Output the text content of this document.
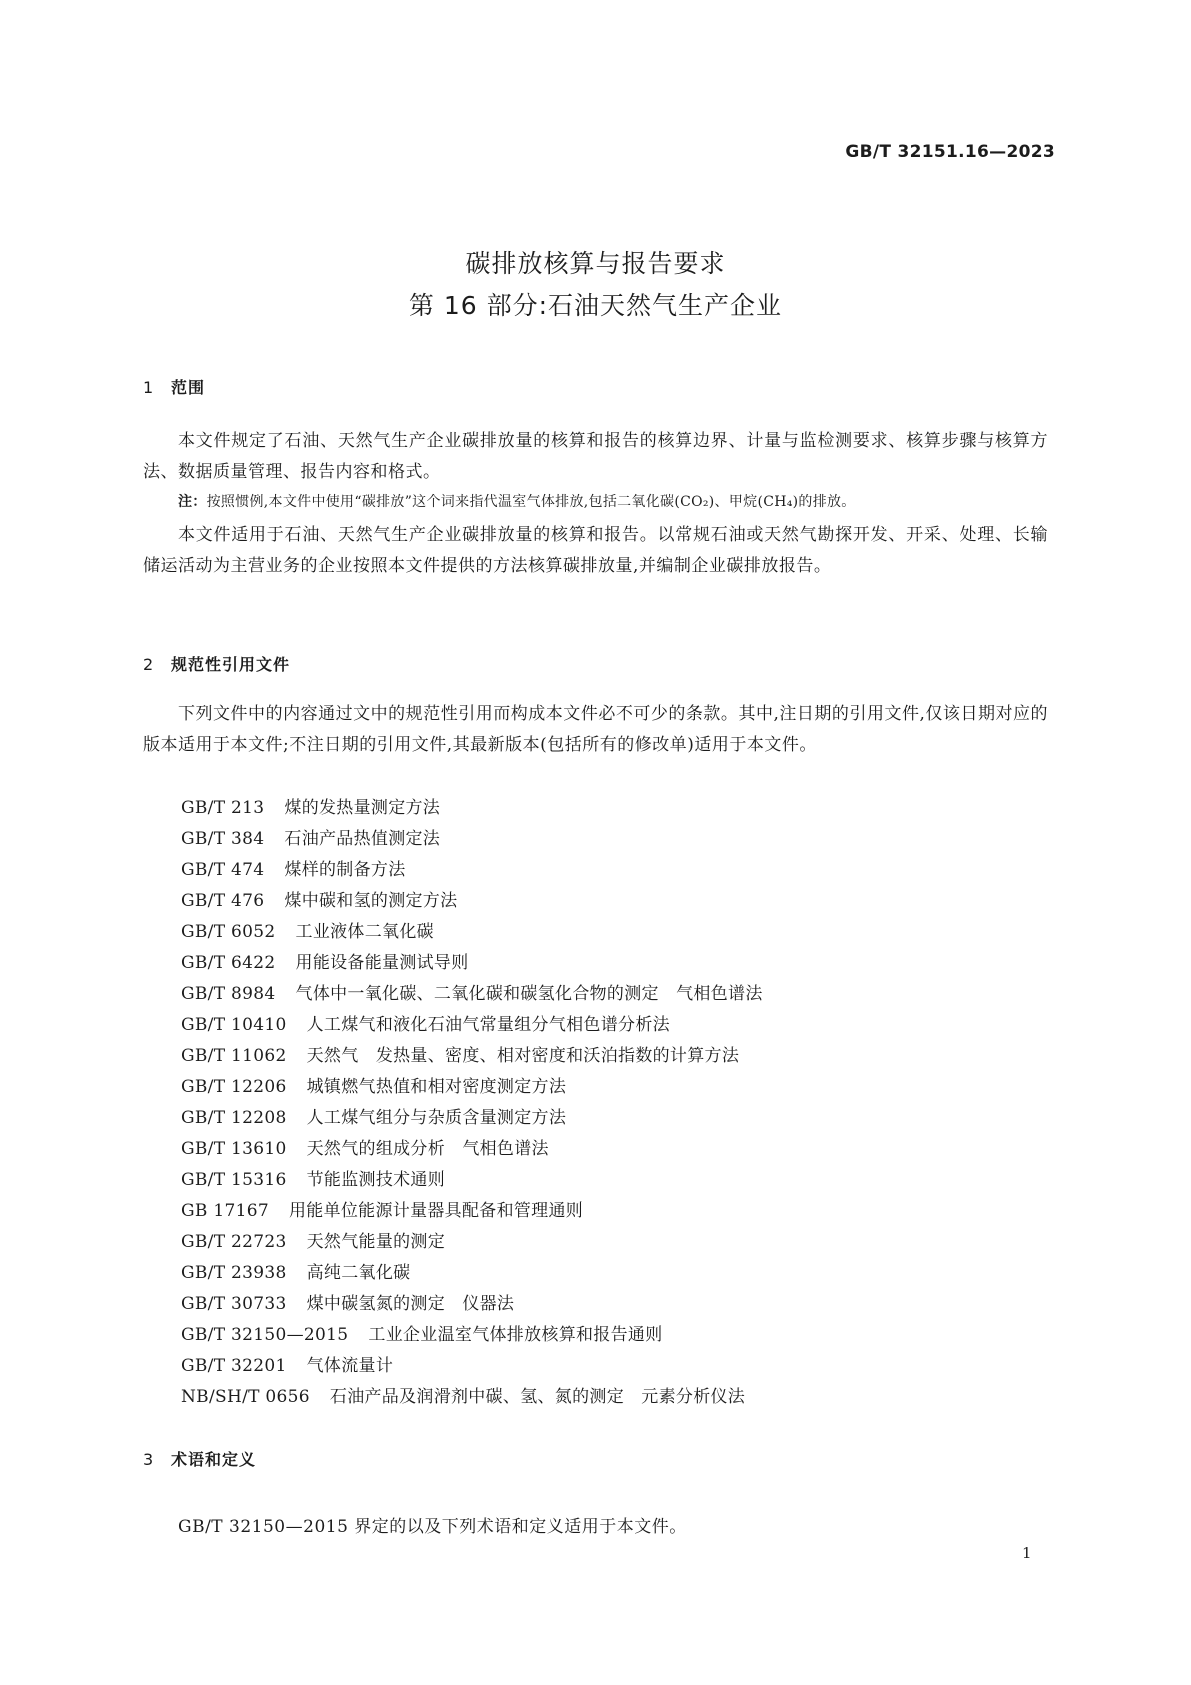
GB/T 32151.16—2023
碳排放核算与报告要求
第 16 部分:石油天然气生产企业
1 范围
本文件规定了石油、天然气生产企业碳排放量的核算和报告的核算边界、计量与监检测要求、核算步骤与核算方法、数据质量管理、报告内容和格式。
注：按照惯例,本文件中使用“碳排放”这个词来指代温室气体排放,包括二氧化碳(CO₂)、甲烷(CH₄)的排放。
本文件适用于石油、天然气生产企业碳排放量的核算和报告。以常规石油或天然气勘探开发、开采、处理、长输储运活动为主营业务的企业按照本文件提供的方法核算碳排放量,并编制企业碳排放报告。
2 规范性引用文件
下列文件中的内容通过文中的规范性引用而构成本文件必不可少的条款。其中,注日期的引用文件,仅该日期对应的版本适用于本文件;不注日期的引用文件,其最新版本(包括所有的修改单)适用于本文件。
GB/T 213 煤的发热量测定方法
GB/T 384 石油产品热值测定法
GB/T 474 煤样的制备方法
GB/T 476 煤中碳和氢的测定方法
GB/T 6052 工业液体二氧化碳
GB/T 6422 用能设备能量测试导则
GB/T 8984 气体中一氧化碳、二氧化碳和碳氢化合物的测定　气相色谱法
GB/T 10410 人工煤气和液化石油气常量组分气相色谱分析法
GB/T 11062 天然气　发热量、密度、相对密度和沃泊指数的计算方法
GB/T 12206 城镇燃气热值和相对密度测定方法
GB/T 12208 人工煤气组分与杂质含量测定方法
GB/T 13610 天然气的组成分析　气相色谱法
GB/T 15316 节能监测技术通则
GB 17167 用能单位能源计量器具配备和管理通则
GB/T 22723 天然气能量的测定
GB/T 23938 高纯二氧化碳
GB/T 30733 煤中碳氢氮的测定　仪器法
GB/T 32150—2015 工业企业温室气体排放核算和报告通则
GB/T 32201 气体流量计
NB/SH/T 0656 石油产品及润滑剂中碳、氢、氮的测定　元素分析仪法
3 术语和定义
GB/T 32150—2015 界定的以及下列术语和定义适用于本文件。
1
